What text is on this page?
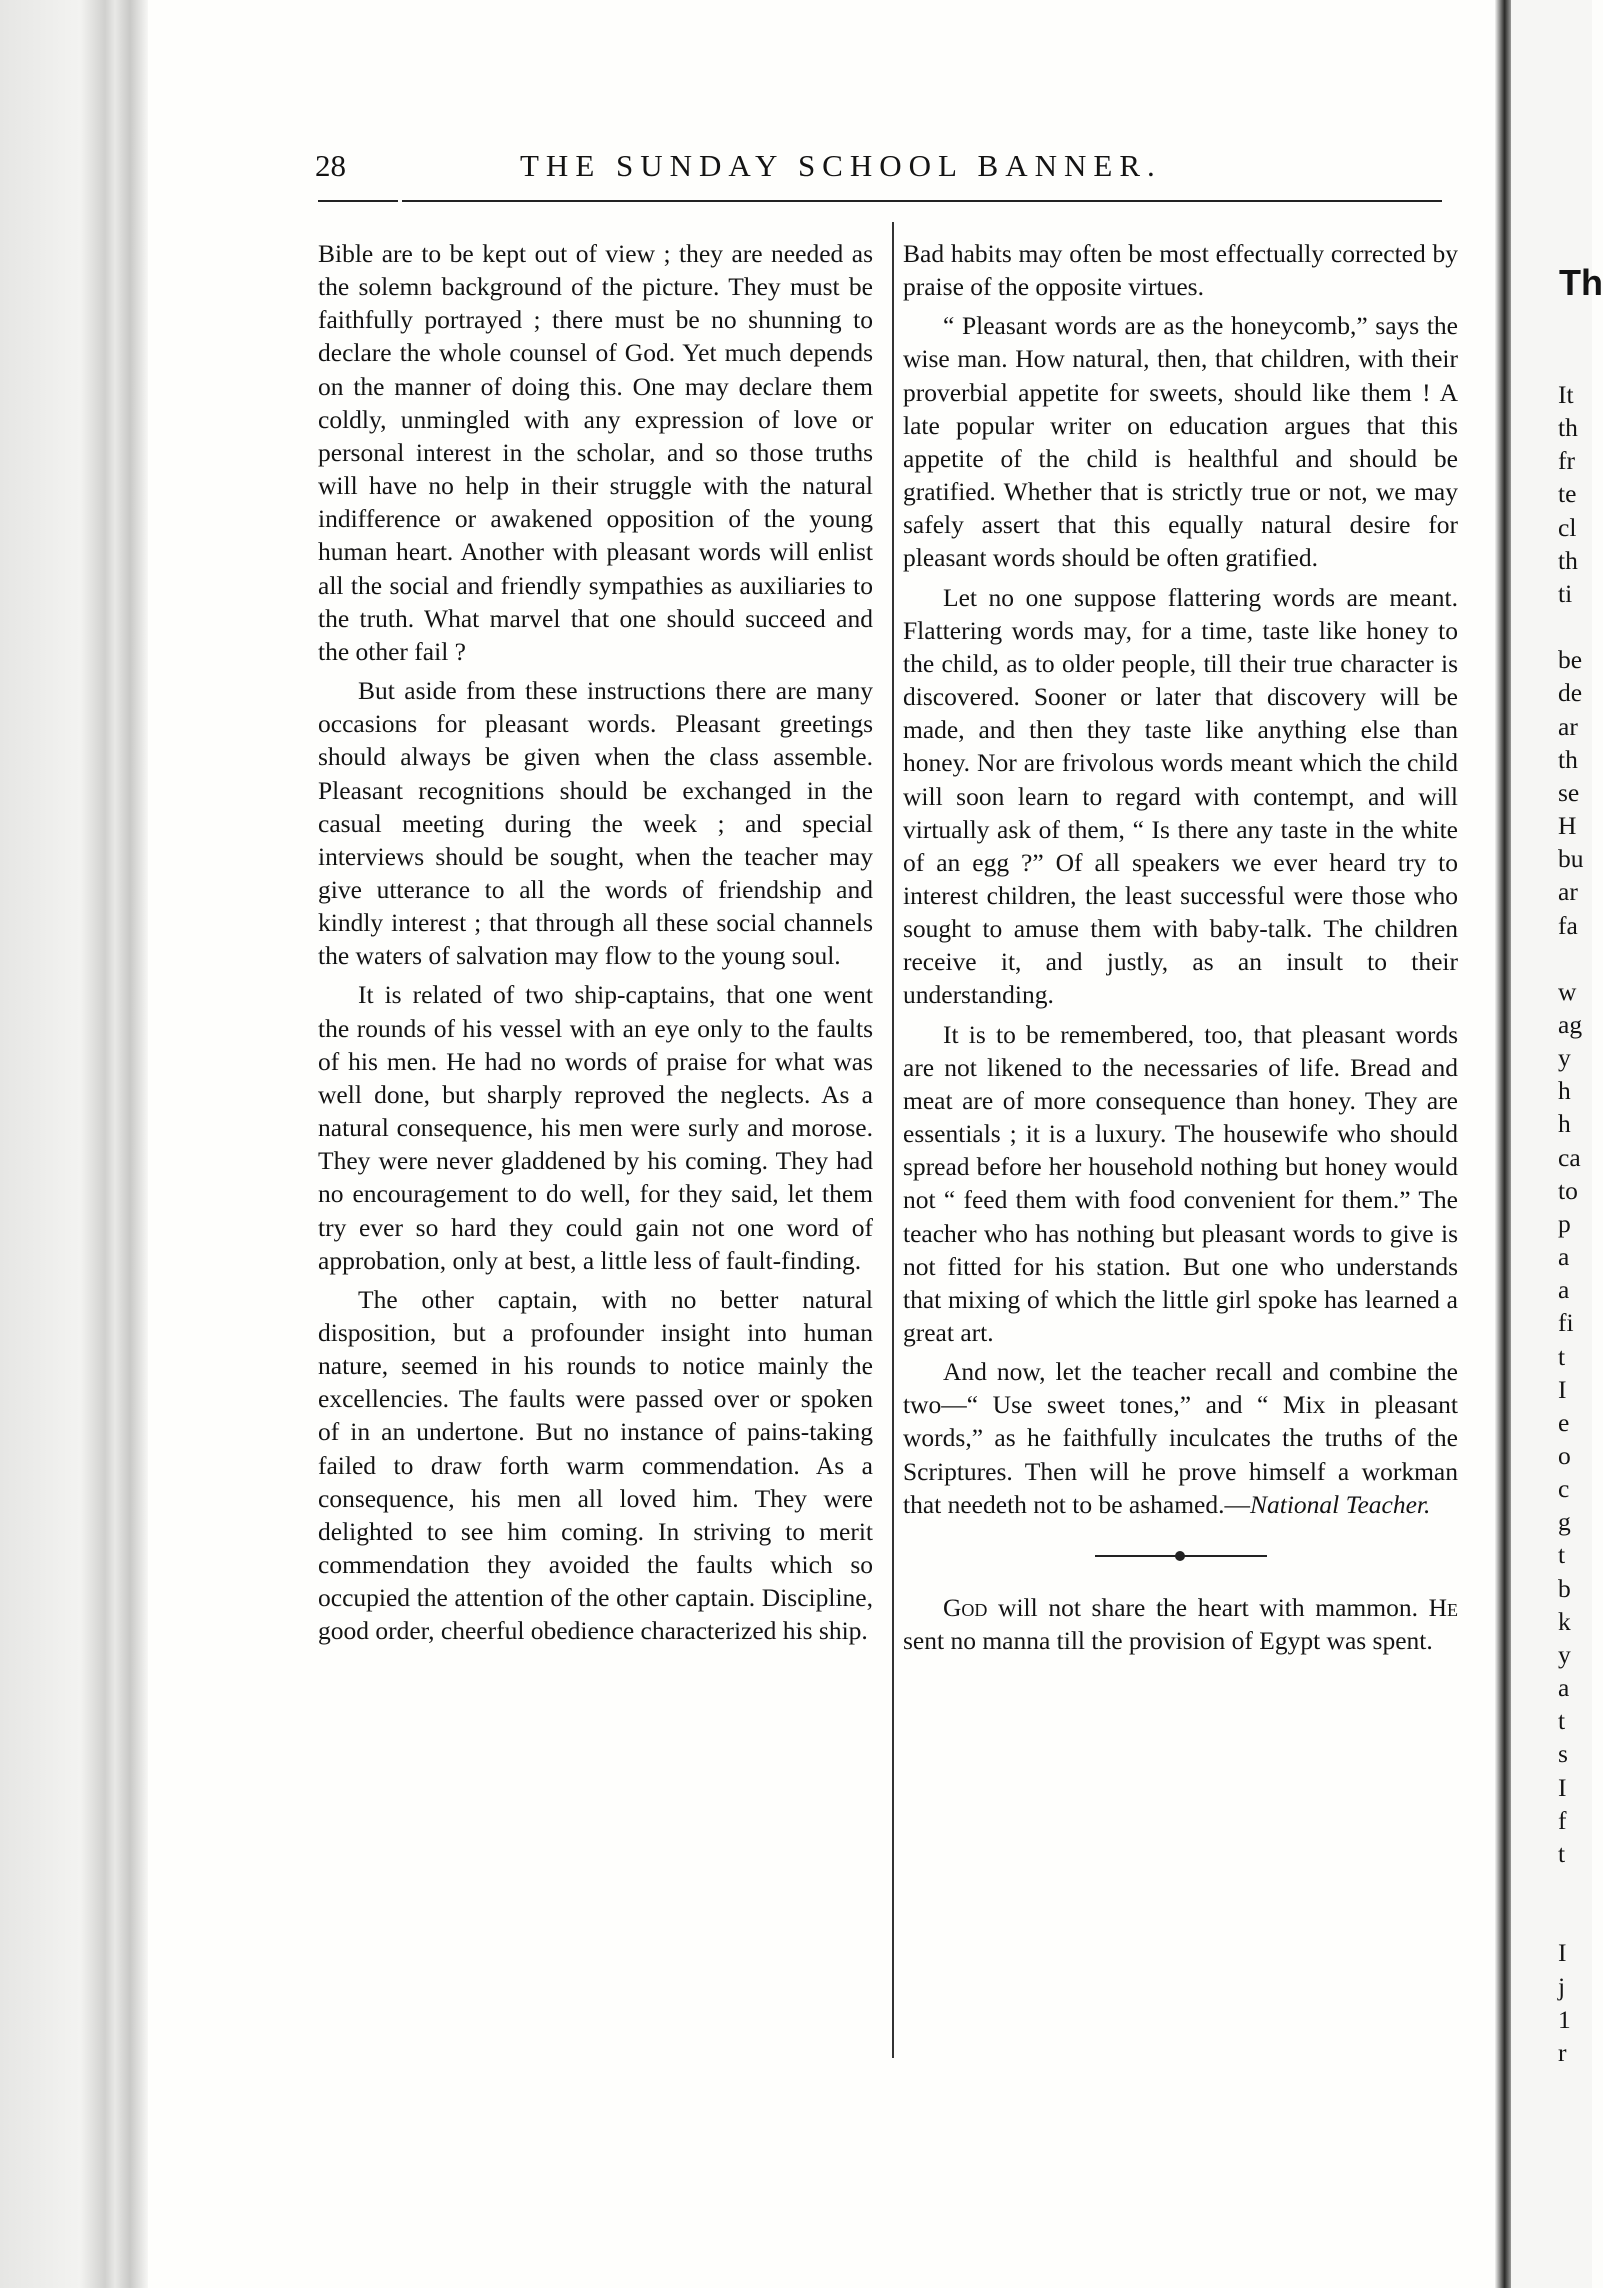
28	THE SUNDAY SCHOOL BANNER.

Bible are to be kept out of view ; they are needed as the solemn background of the picture. They must be faithfully portrayed ; there must be no shunning to declare the whole counsel of God. Yet much depends on the manner of doing this. One may declare them coldly, unmingled with any expression of love or personal interest in the scholar, and so those truths will have no help in their struggle with the natural indifference or awakened opposition of the young human heart. Another with pleasant words will enlist all the social and friendly sympathies as auxiliaries to the truth. What marvel that one should succeed and the other fail ?

But aside from these instructions there are many occasions for pleasant words. Pleasant greetings should always be given when the class assemble. Pleasant recognitions should be exchanged in the casual meeting during the week ; and special interviews should be sought, when the teacher may give utterance to all the words of friendship and kindly interest ; that through all these social channels the waters of salvation may flow to the young soul.

It is related of two ship-captains, that one went the rounds of his vessel with an eye only to the faults of his men. He had no words of praise for what was well done, but sharply reproved the neglects. As a natural consequence, his men were surly and morose. They were never gladdened by his coming. They had no encouragement to do well, for they said, let them try ever so hard they could gain not one word of approbation, only at best, a little less of fault-finding.

The other captain, with no better natural disposition, but a profounder insight into human nature, seemed in his rounds to notice mainly the excellencies. The faults were passed over or spoken of in an undertone. But no instance of pains-taking failed to draw forth warm commendation. As a consequence, his men all loved him. They were delighted to see him coming. In striving to merit commendation they avoided the faults which so occupied the attention of the other captain. Discipline, good order, cheerful obedience characterized his ship.

Bad habits may often be most effectually corrected by praise of the opposite virtues.

“ Pleasant words are as the honeycomb,” says the wise man. How natural, then, that children, with their proverbial appetite for sweets, should like them ! A late popular writer on education argues that this appetite of the child is healthful and should be gratified. Whether that is strictly true or not, we may safely assert that this equally natural desire for pleasant words should be often gratified.

Let no one suppose flattering words are meant. Flattering words may, for a time, taste like honey to the child, as to older people, till their true character is discovered. Sooner or later that discovery will be made, and then they taste like anything else than honey. Nor are frivolous words meant which the child will soon learn to regard with contempt, and will virtually ask of them, “ Is there any taste in the white of an egg ?” Of all speakers we ever heard try to interest children, the least successful were those who sought to amuse them with baby-talk. The children receive it, and justly, as an insult to their understanding.

It is to be remembered, too, that pleasant words are not likened to the necessaries of life. Bread and meat are of more consequence than honey. They are essentials ; it is a luxury. The housewife who should spread before her household nothing but honey would not “ feed them with food convenient for them.” The teacher who has nothing but pleasant words to give is not fitted for his station. But one who understands that mixing of which the little girl spoke has learned a great art.

And now, let the teacher recall and combine the two—“ Use sweet tones,” and “ Mix in pleasant words,” as he faithfully inculcates the truths of the Scriptures. Then will he prove himself a workman that needeth not to be ashamed.—National Teacher.

God will not share the heart with mammon. He sent no manna till the provision of Egypt was spent.

Th
It
th
fr
te
cl
th
ti

be
de
ar
th
se
H
bu
ar
fa

w
ag
y
h
h
ca
to
p
a
a
fi
t
I
e
o
c
g
t
b
k
y
a
t
s
I
f
t

I
j
1
r
